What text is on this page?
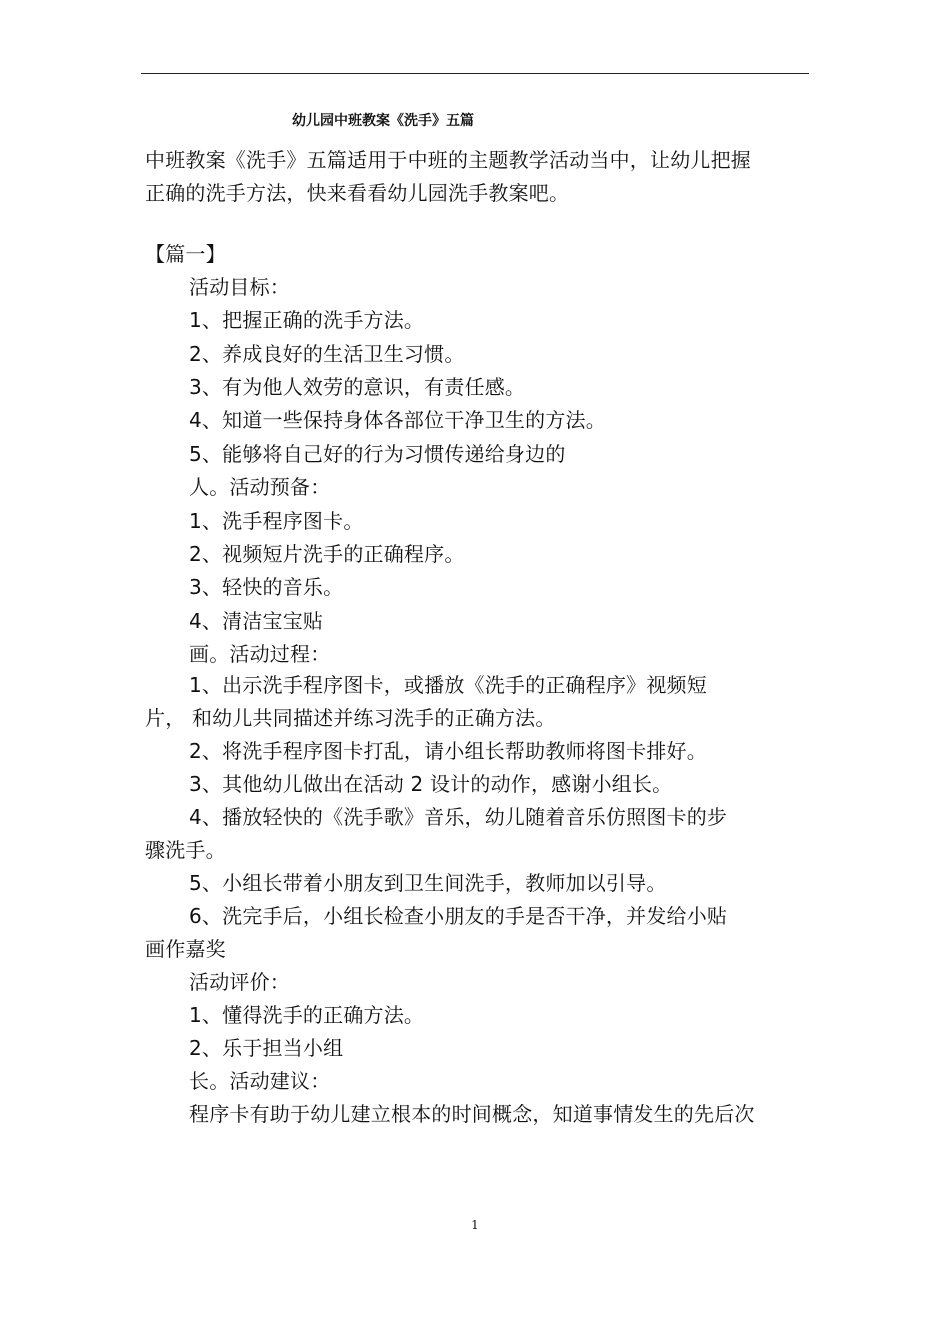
幼儿园中班教案《洗手》五篇
中班教案《洗手》五篇适用于中班的主题教学活动当中，让幼儿把握
正确的洗手方法，快来看看幼儿园洗手教案吧。
【篇一】
活动目标：
1、把握正确的洗手方法。
2、养成良好的生活卫生习惯。
3、有为他人效劳的意识，有责任感。
4、知道一些保持身体各部位干净卫生的方法。
5、能够将自己好的行为习惯传递给身边的
人。活动预备：
1、洗手程序图卡。
2、视频短片洗手的正确程序。
3、轻快的音乐。
4、清洁宝宝贴
画。活动过程：
1、出示洗手程序图卡，或播放《洗手的正确程序》视频短
片， 和幼儿共同描述并练习洗手的正确方法。
2、将洗手程序图卡打乱，请小组长帮助教师将图卡排好。
3、其他幼儿做出在活动 2 设计的动作，感谢小组长。
4、播放轻快的《洗手歌》音乐，幼儿随着音乐仿照图卡的步
骤洗手。
5、小组长带着小朋友到卫生间洗手，教师加以引导。
6、洗完手后，小组长检查小朋友的手是否干净，并发给小贴
画作嘉奖
活动评价：
1、懂得洗手的正确方法。
2、乐于担当小组
长。活动建议：
程序卡有助于幼儿建立根本的时间概念，知道事情发生的先后次
1
